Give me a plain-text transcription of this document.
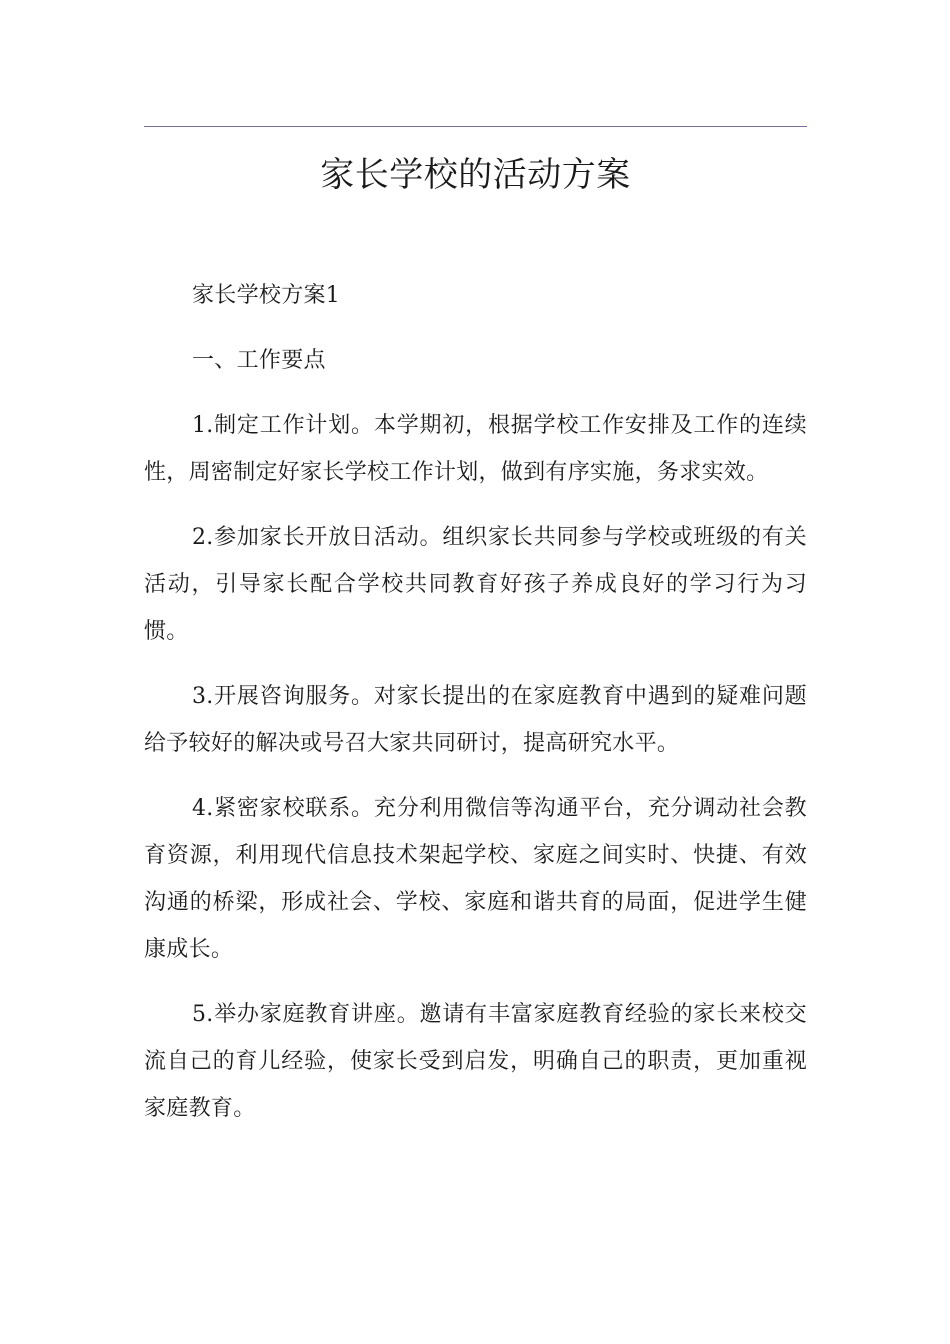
家长学校的活动方案

家长学校方案1

一、工作要点

1.制定工作计划。本学期初，根据学校工作安排及工作的连续性，周密制定好家长学校工作计划，做到有序实施，务求实效。

2.参加家长开放日活动。组织家长共同参与学校或班级的有关活动，引导家长配合学校共同教育好孩子养成良好的学习行为习惯。

3.开展咨询服务。对家长提出的在家庭教育中遇到的疑难问题给予较好的解决或号召大家共同研讨，提高研究水平。

4.紧密家校联系。充分利用微信等沟通平台，充分调动社会教育资源，利用现代信息技术架起学校、家庭之间实时、快捷、有效沟通的桥梁，形成社会、学校、家庭和谐共育的局面，促进学生健康成长。

5.举办家庭教育讲座。邀请有丰富家庭教育经验的家长来校交流自己的育儿经验，使家长受到启发，明确自己的职责，更加重视家庭教育。
